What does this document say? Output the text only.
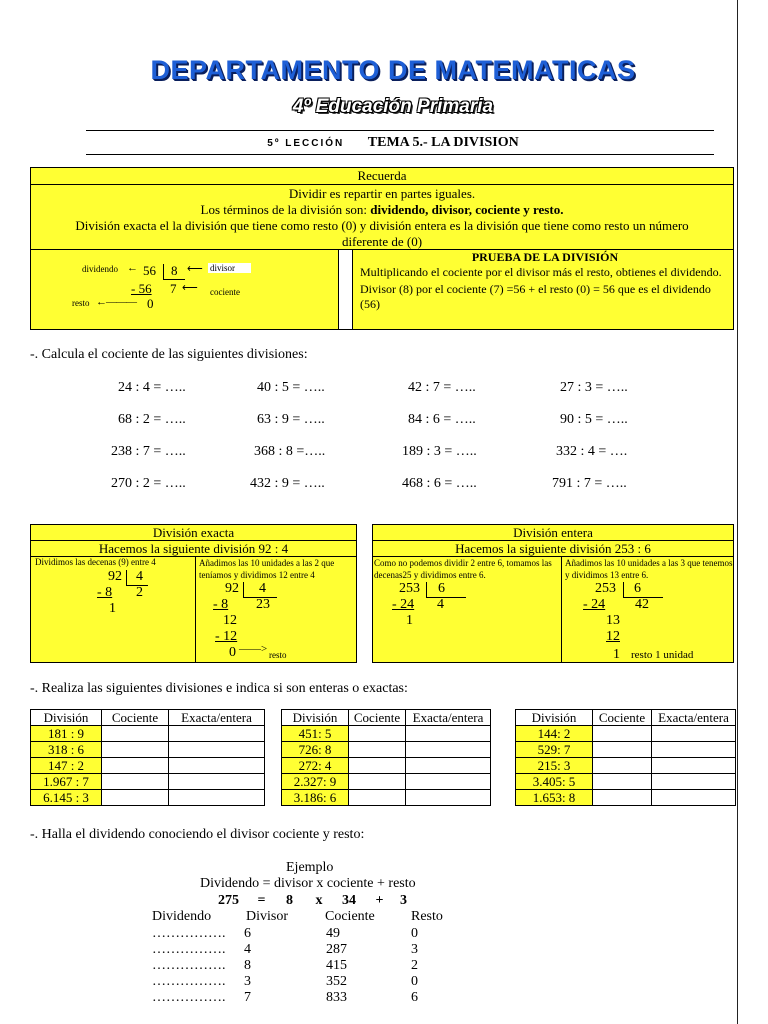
DEPARTAMENTO DE MATEMATICAS
4º Educación Primaria
5º LECCIÓN TEMA 5.- LA DIVISION
Recuerda
Dividir es repartir en partes iguales.
Los términos de la división son: dividendo, divisor, cociente y resto.
División exacta el la división que tiene como resto (0) y división entera es la división que tiene como resto un número
diferente de (0)
dividendo ← 56 8 ⟵ divisor
- 56 7 ⟵ cociente
resto ←——— 0
PRUEBA DE LA DIVISIÓN
Multiplicando el cociente por el divisor más el resto, obtienes el dividendo.
Divisor (8) por el cociente (7) =56 + el resto (0) = 56 que es el dividendo (56)
-. Calcula el cociente de las siguientes divisiones:
24 : 4 = …..	40 : 5 = …..	42 : 7 = …..	27 : 3 = …..
68 : 2 = …..	63 : 9 = …..	84 : 6 = …..	90 : 5 = …..
238 : 7 = …..	368 : 8 =…..	189 : 3 = …..	332 : 4 = ….
270 : 2 = …..	432 : 9 = …..	468 : 6 = …..	791 : 7 = …..
División exacta
Hacemos la siguiente división 92 : 4
Dividimos las decenas (9) entre 4	Añadimos las 10 unidades a las 2 que teníamos y dividimos 12 entre 4
92 4
- 8 2
1
92 4
- 8 23
12
- 12
0 ——> resto
División entera
Hacemos la siguiente división 253 : 6
Como no podemos dividir 2 entre 6, tomamos las decenas25 y dividimos entre 6.
Añadimos las 10 unidades a las 3 que tenemos y dividimos 13 entre 6.
253 6
- 24 4
1
253 6
- 24 42
13
12
1 resto 1 unidad
-. Realiza las siguientes divisiones e indica si son enteras o exactas:
División	Cociente	Exacta/entera
181 : 9		
318 : 6		
147 : 2		
1.967 : 7		
6.145 : 3		
División	Cociente	Exacta/entera
451: 5		
726: 8		
272: 4		
2.327: 9		
3.186: 6		
División	Cociente	Exacta/entera
144: 2		
529: 7		
215: 3		
3.405: 5		
1.653: 8		
-. Halla el dividendo conociendo el divisor cociente y resto:
Ejemplo
Dividendo = divisor x cociente + resto
275 = 8 x 34 + 3
Dividendo Divisor	Cociente	Resto
……………. 6	49	0
……………. 4	287	3
……………. 8	415	2
……………. 3	352	0
……………. 7	833	6
